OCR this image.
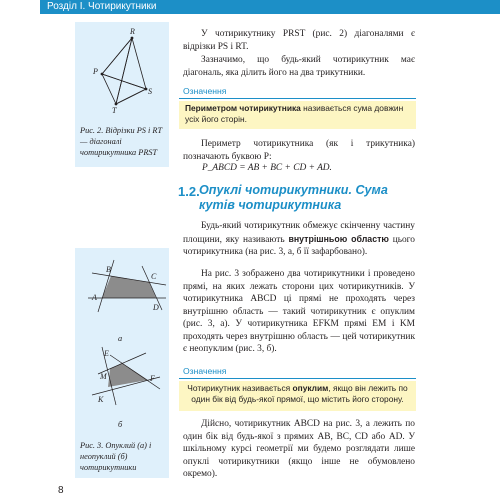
Розділ І. Чотирикутники
R
P
S
T
Рис. 2. Відрізки PS і RT — діагоналі чотирикутника PRST
B
C
A
D
а
E
M	F
K
б
Рис. 3. Опуклий (а) і неопуклий (б) чотирикутники
У чотирикутнику PRST (рис. 2) діагоналями є відрізки PS і RT.
Зазначимо, що будь-який чотирикутник має діагональ, яка ділить його на два трикутники.
Означення
Периметром чотирикутника називається сума довжин усіх його сторін.
Периметр чотирикутника (як і трикутника) позначають буквою P:
P_ABCD = AB + BC + CD + AD.
1.2. Опуклі чотирикутники. Сума кутів чотирикутника
Будь-який чотирикутник обмежує скінченну частину площини, яку називають внутрішньою областю цього чотирикутника (на рис. 3, а, б її зафарбовано).
На рис. 3 зображено два чотирикутники і проведено прямі, на яких лежать сторони цих чотирикутників. У чотирикутника ABCD ці прямі не проходять через внутрішню область — такий чотирикутник є опуклим (рис. 3, а). У чотирикутника EFKM прямі EM і KM проходять через внутрішню область — цей чотирикутник є неопуклим (рис. 3, б).
Означення
Чотирикутник називається опуклим, якщо він лежить по один бік від будь-якої прямої, що містить його сторону.
Дійсно, чотирикутник ABCD на рис. 3, а лежить по один бік від будь-якої з прямих AB, BC, CD або AD. У шкільному курсі геометрії ми будемо розглядати лише опуклі чотирикутники (якщо інше не обумовлено окремо).
8
